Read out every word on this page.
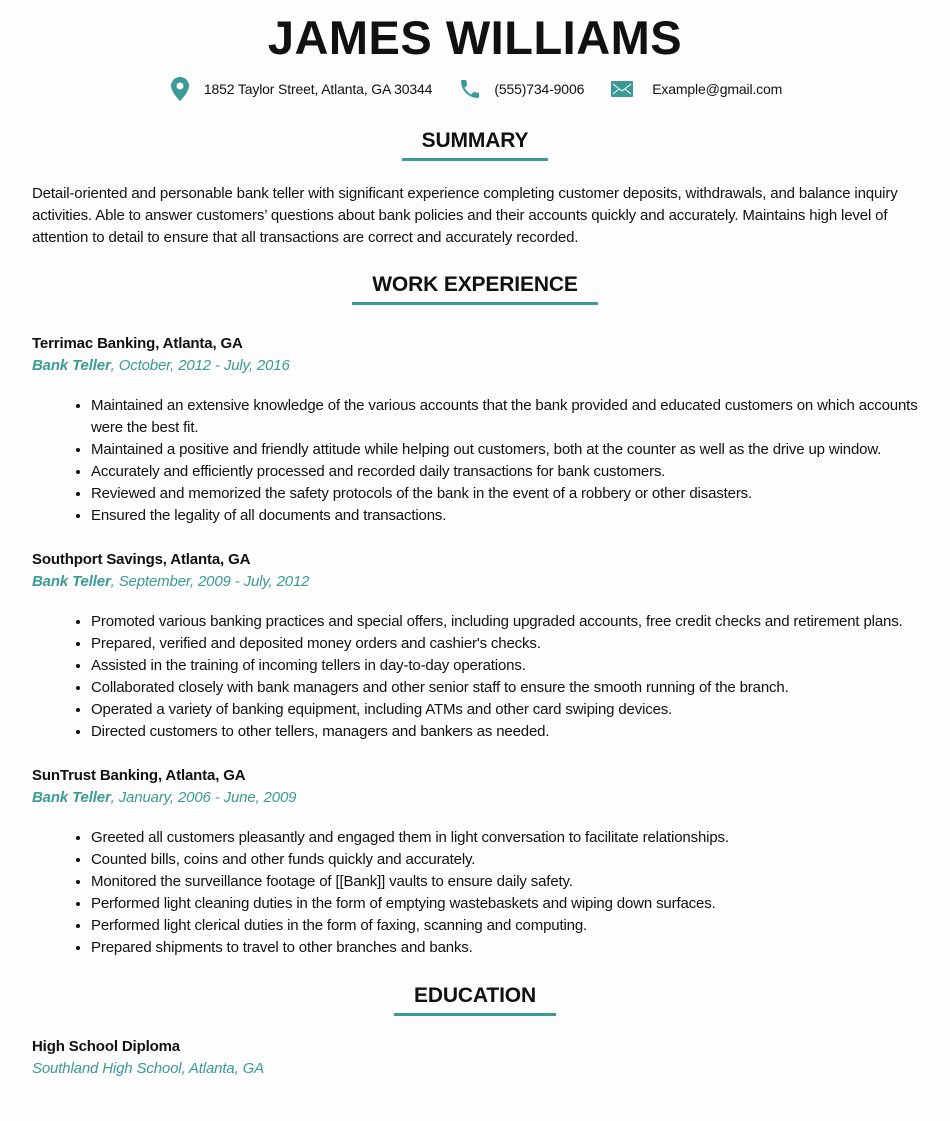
JAMES WILLIAMS
1852 Taylor Street, Atlanta, GA 30344	(555)734-9006	Example@gmail.com
SUMMARY

Detail-oriented and personable bank teller with significant experience completing customer deposits, withdrawals, and balance inquiry activities. Able to answer customers’ questions about bank policies and their accounts quickly and accurately. Maintains high level of attention to detail to ensure that all transactions are correct and accurately recorded.

WORK EXPERIENCE
Terrimac Banking, Atlanta, GA
Bank Teller, October, 2012 - July, 2016
• Maintained an extensive knowledge of the various accounts that the bank provided and educated customers on which accounts were the best fit.
• Maintained a positive and friendly attitude while helping out customers, both at the counter as well as the drive up window.
• Accurately and efficiently processed and recorded daily transactions for bank customers.
• Reviewed and memorized the safety protocols of the bank in the event of a robbery or other disasters.
• Ensured the legality of all documents and transactions.
Southport Savings, Atlanta, GA
Bank Teller, September, 2009 - July, 2012
• Promoted various banking practices and special offers, including upgraded accounts, free credit checks and retirement plans.
• Prepared, verified and deposited money orders and cashier's checks.
• Assisted in the training of incoming tellers in day-to-day operations.
• Collaborated closely with bank managers and other senior staff to ensure the smooth running of the branch.
• Operated a variety of banking equipment, including ATMs and other card swiping devices.
• Directed customers to other tellers, managers and bankers as needed.
SunTrust Banking, Atlanta, GA
Bank Teller, January, 2006 - June, 2009
• Greeted all customers pleasantly and engaged them in light conversation to facilitate relationships.
• Counted bills, coins and other funds quickly and accurately.
• Monitored the surveillance footage of [[Bank]] vaults to ensure daily safety.
• Performed light cleaning duties in the form of emptying wastebaskets and wiping down surfaces.
• Performed light clerical duties in the form of faxing, scanning and computing.
• Prepared shipments to travel to other branches and banks.
EDUCATION
High School Diploma
Southland High School, Atlanta, GA
